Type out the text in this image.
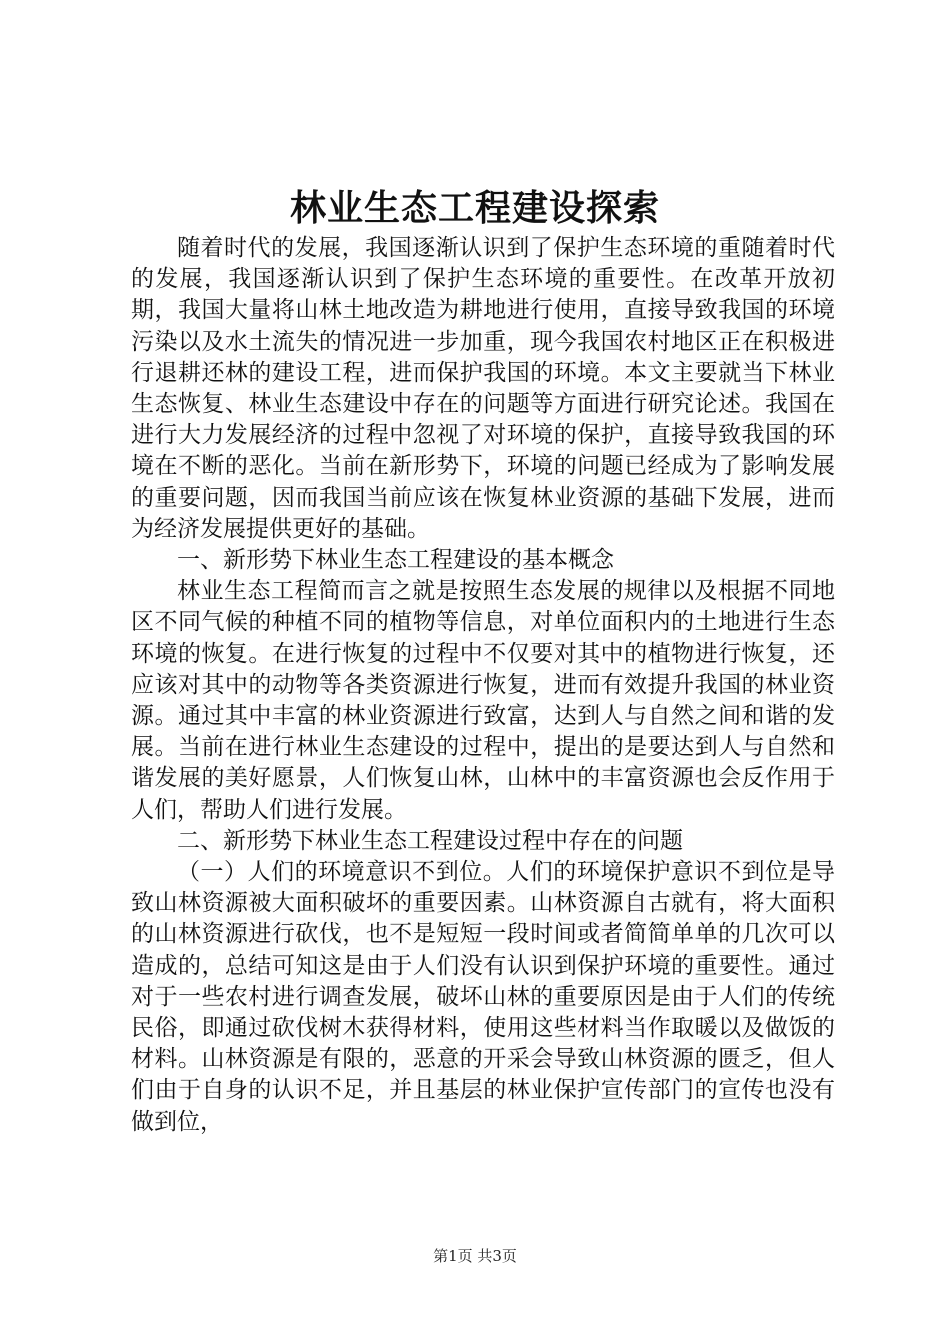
林业生态工程建设探索

随着时代的发展，我国逐渐认识到了保护生态环境的重随着时代的发展，我国逐渐认识到了保护生态环境的重要性。在改革开放初期，我国大量将山林土地改造为耕地进行使用，直接导致我国的环境污染以及水土流失的情况进一步加重，现今我国农村地区正在积极进行退耕还林的建设工程，进而保护我国的环境。本文主要就当下林业生态恢复、林业生态建设中存在的问题等方面进行研究论述。我国在进行大力发展经济的过程中忽视了对环境的保护，直接导致我国的环境在不断的恶化。当前在新形势下，环境的问题已经成为了影响发展的重要问题，因而我国当前应该在恢复林业资源的基础下发展，进而为经济发展提供更好的基础。

一、新形势下林业生态工程建设的基本概念

林业生态工程简而言之就是按照生态发展的规律以及根据不同地区不同气候的种植不同的植物等信息，对单位面积内的土地进行生态环境的恢复。在进行恢复的过程中不仅要对其中的植物进行恢复，还应该对其中的动物等各类资源进行恢复，进而有效提升我国的林业资源。通过其中丰富的林业资源进行致富，达到人与自然之间和谐的发展。当前在进行林业生态建设的过程中，提出的是要达到人与自然和谐发展的美好愿景，人们恢复山林，山林中的丰富资源也会反作用于人们，帮助人们进行发展。

二、新形势下林业生态工程建设过程中存在的问题

（一）人们的环境意识不到位。人们的环境保护意识不到位是导致山林资源被大面积破坏的重要因素。山林资源自古就有，将大面积的山林资源进行砍伐，也不是短短一段时间或者简简单单的几次可以造成的，总结可知这是由于人们没有认识到保护环境的重要性。通过对于一些农村进行调查发展，破坏山林的重要原因是由于人们的传统民俗，即通过砍伐树木获得材料，使用这些材料当作取暖以及做饭的材料。山林资源是有限的，恶意的开采会导致山林资源的匮乏，但人们由于自身的认识不足，并且基层的林业保护宣传部门的宣传也没有做到位，

第1页 共3页
